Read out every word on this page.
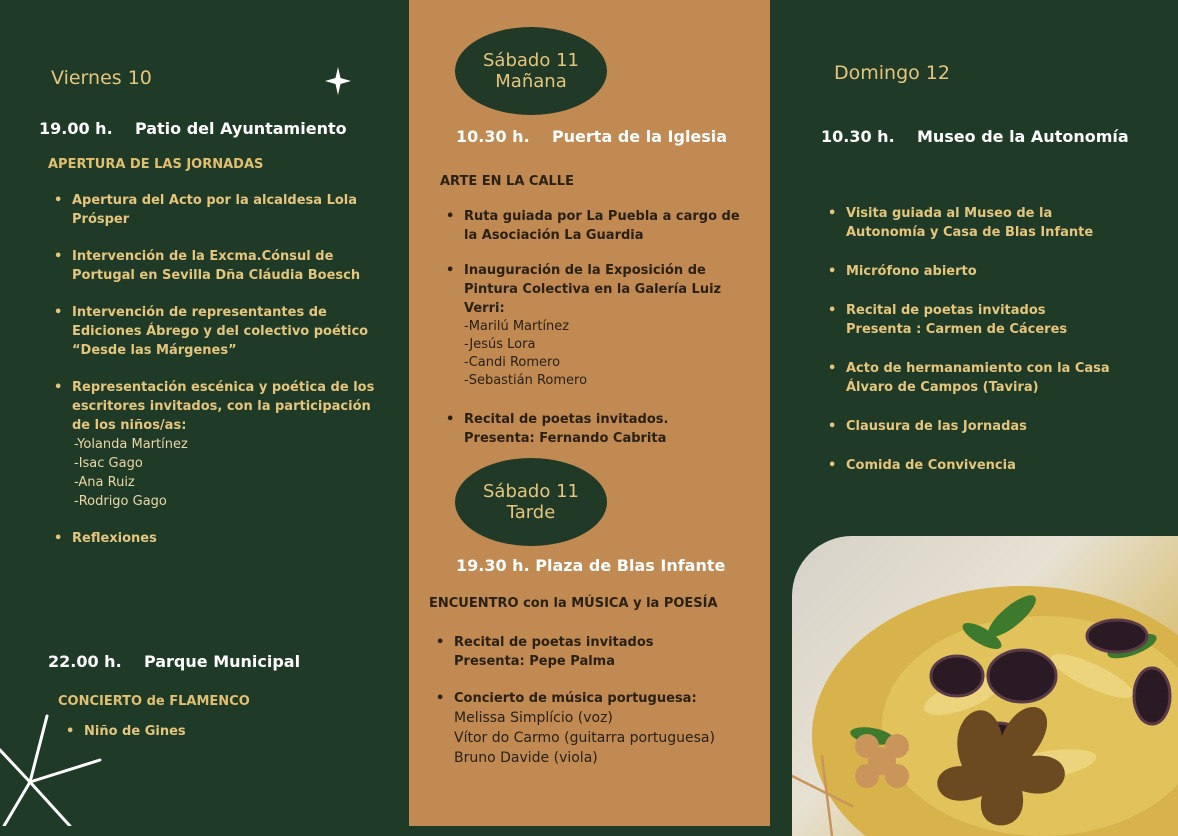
Viernes 10
19.00 h. Patio del Ayuntamiento
APERTURA DE LAS JORNADAS
• Apertura del Acto por la alcaldesa Lola Prósper
• Intervención de la Excma.Cónsul de Portugal en Sevilla Dña Cláudia Boesch
• Intervención de representantes de Ediciones Ábrego y del colectivo poético “Desde las Márgenes”
• Representación escénica y poética de los escritores invitados, con la participación de los niños/as:
-Yolanda Martínez
-Isac Gago
-Ana Ruiz
-Rodrigo Gago
• Reflexiones
22.00 h. Parque Municipal
CONCIERTO de FLAMENCO
• Niño de Gines
Sábado 11
Mañana
10.30 h. Puerta de la Iglesia
ARTE EN LA CALLE
• Ruta guiada por La Puebla a cargo de la Asociación La Guardia
• Inauguración de la Exposición de Pintura Colectiva en la Galería Luiz Verri:
-Marilú Martínez
-Jesús Lora
-Candi Romero
-Sebastián Romero
• Recital de poetas invitados. Presenta: Fernando Cabrita
Sábado 11
Tarde
19.30 h. Plaza de Blas Infante
ENCUENTRO con la MÚSICA y la POESÍA
• Recital de poetas invitados Presenta: Pepe Palma
• Concierto de música portuguesa:
Melissa Simplício (voz)
Vítor do Carmo (guitarra portuguesa)
Bruno Davide (viola)
Domingo 12
10.30 h. Museo de la Autonomía
• Visita guiada al Museo de la Autonomía y Casa de Blas Infante
• Micrófono abierto
• Recital de poetas invitados Presenta : Carmen de Cáceres
• Acto de hermanamiento con la Casa Álvaro de Campos (Tavira)
• Clausura de las Jornadas
• Comida de Convivencia
